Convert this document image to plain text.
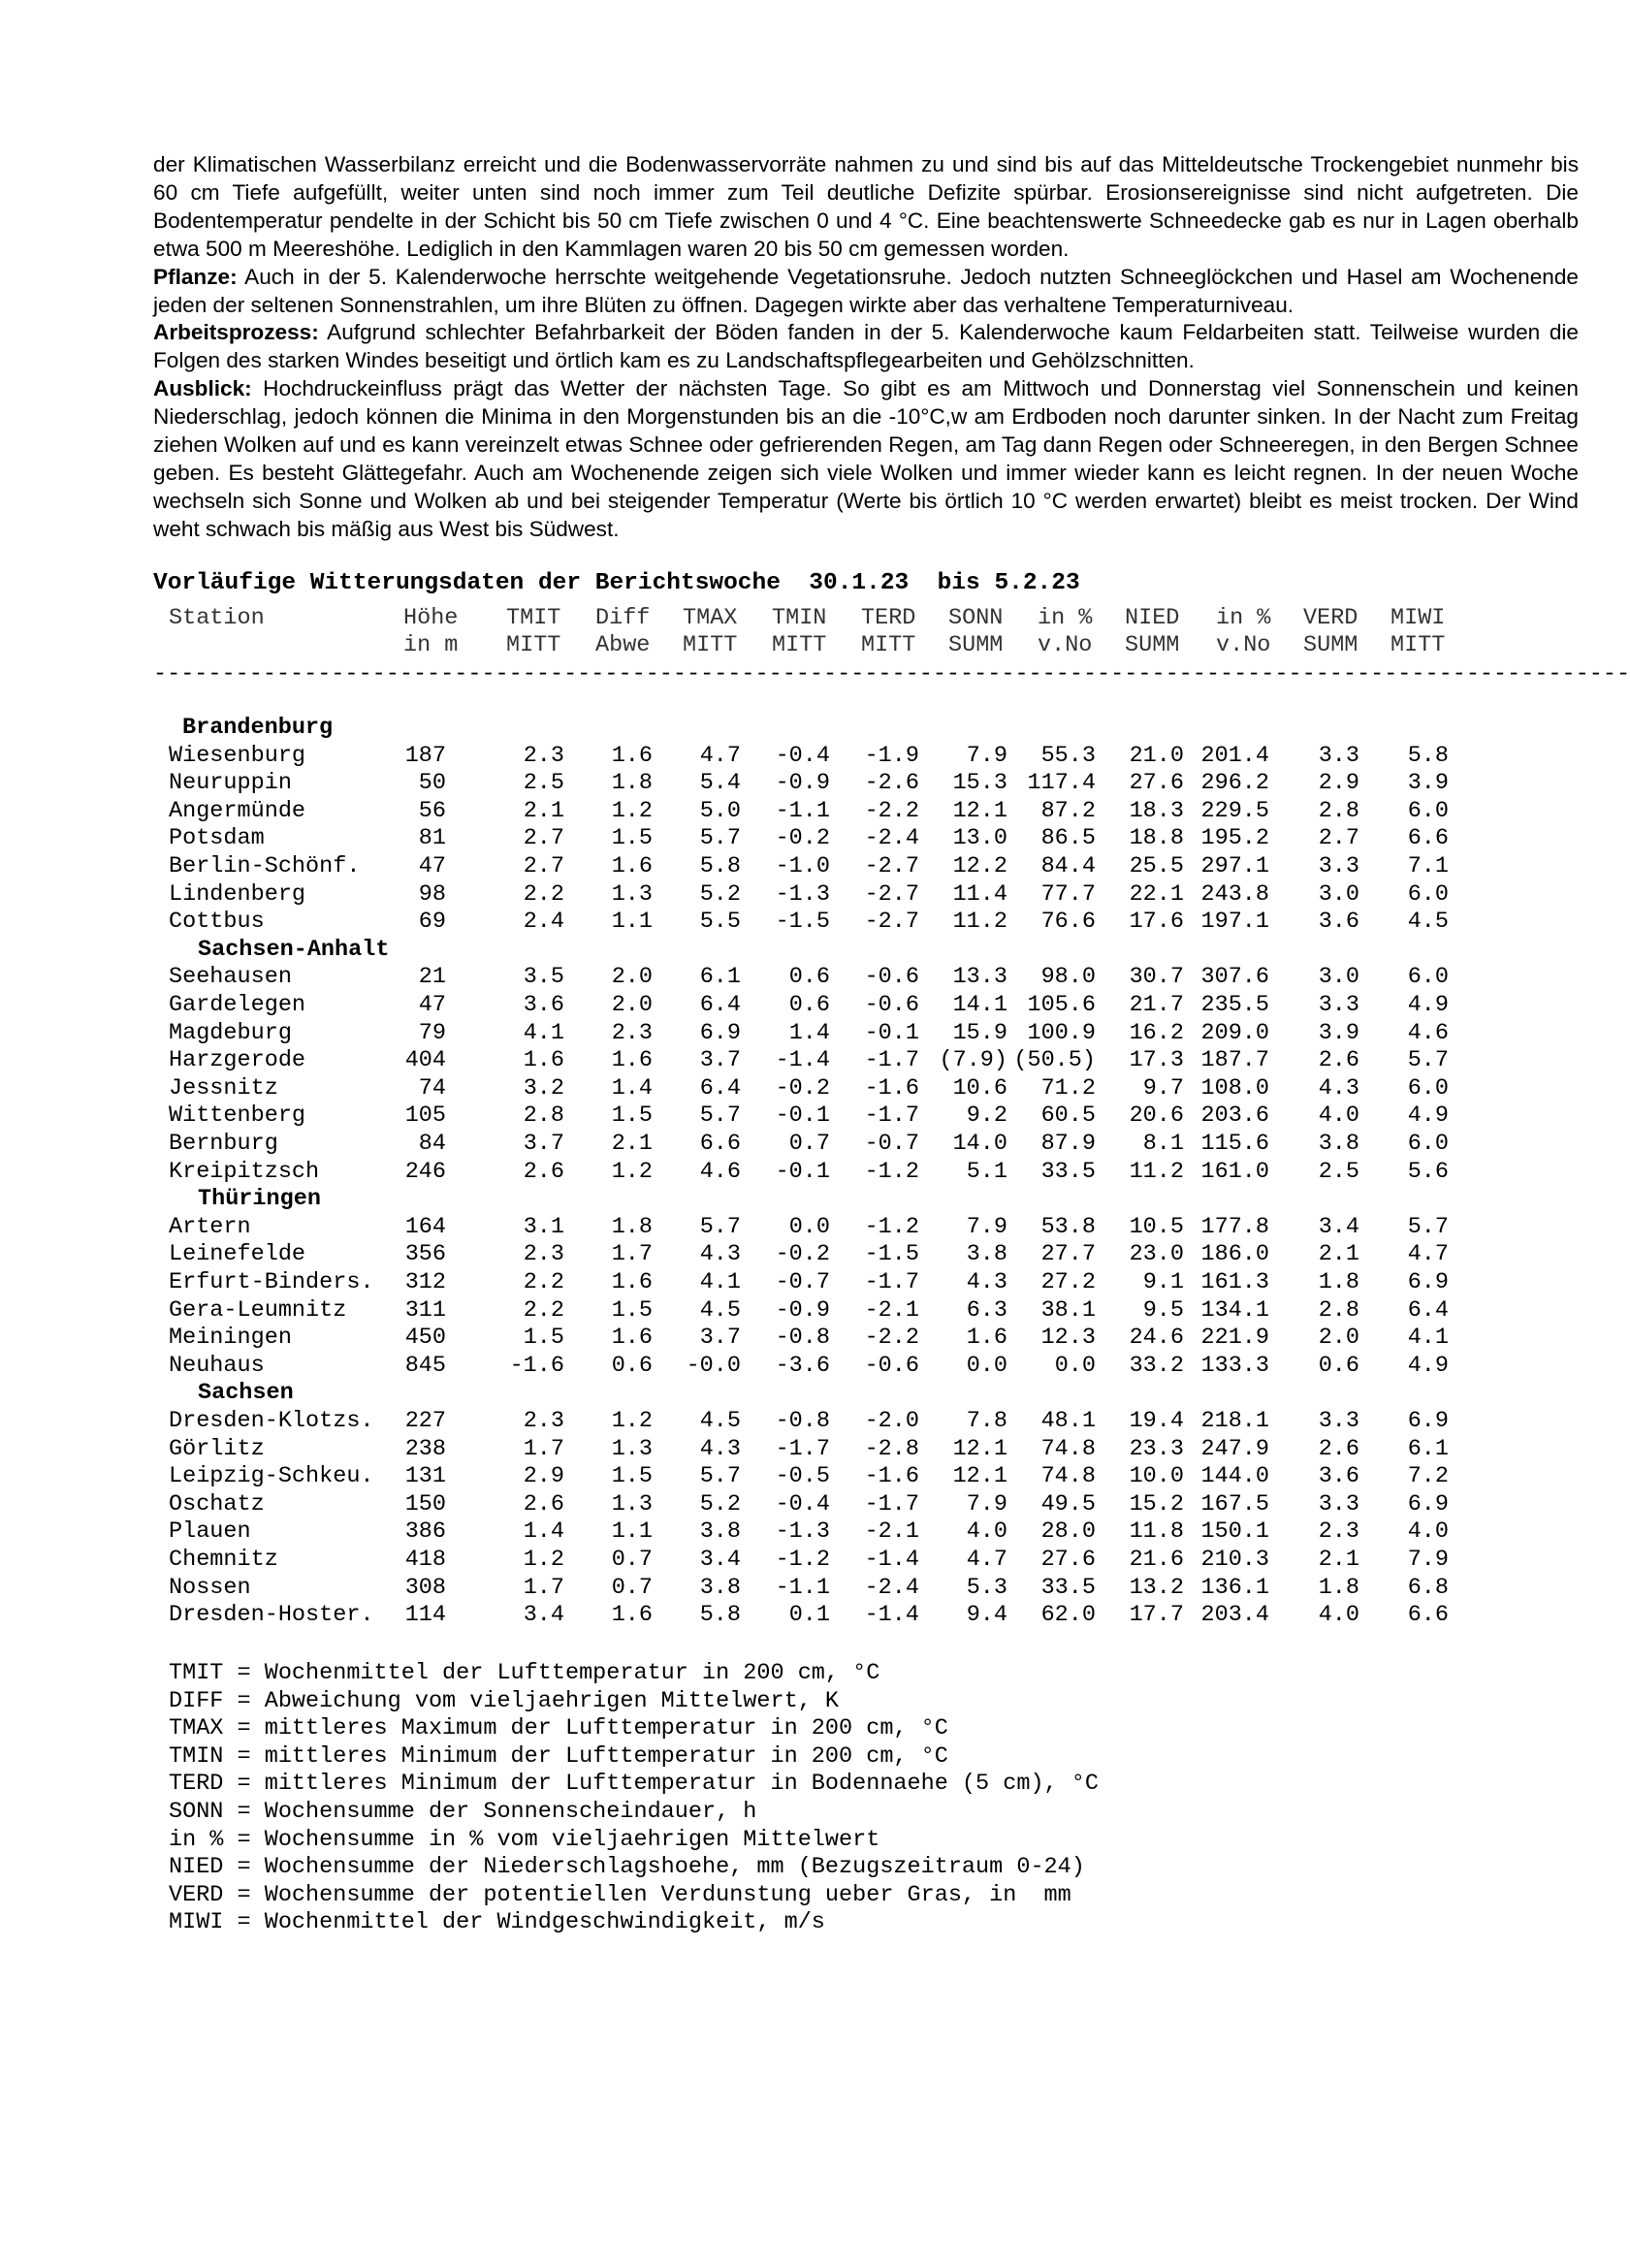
der Klimatischen Wasserbilanz erreicht und die Bodenwasservorräte nahmen zu und sind bis auf das Mitteldeutsche Trockengebiet nunmehr bis 60 cm Tiefe aufgefüllt, weiter unten sind noch immer zum Teil deutliche Defizite spürbar. Erosionsereignisse sind nicht aufgetreten. Die Bodentemperatur pendelte in der Schicht bis 50 cm Tiefe zwischen 0 und 4 °C. Eine beachtenswerte Schneedecke gab es nur in Lagen oberhalb etwa 500 m Meereshöhe. Lediglich in den Kammlagen waren 20 bis 50 cm gemessen worden.

Pflanze: Auch in der 5. Kalenderwoche herrschte weitgehende Vegetationsruhe. Jedoch nutzten Schneeglöckchen und Hasel am Wochenende jeden der seltenen Sonnenstrahlen, um ihre Blüten zu öffnen. Dagegen wirkte aber das verhaltene Temperaturniveau.

Arbeitsprozess: Aufgrund schlechter Befahrbarkeit der Böden fanden in der 5. Kalenderwoche kaum Feldarbeiten statt. Teilweise wurden die Folgen des starken Windes beseitigt und örtlich kam es zu Landschaftspflegearbeiten und Gehölzschnitten.

Ausblick: Hochdruckeinfluss prägt das Wetter der nächsten Tage. So gibt es am Mittwoch und Donnerstag viel Sonnenschein und keinen Niederschlag, jedoch können die Minima in den Morgenstunden bis an die -10°C,w am Erdboden noch darunter sinken. In der Nacht zum Freitag ziehen Wolken auf und es kann vereinzelt etwas Schnee oder gefrierenden Regen, am Tag dann Regen oder Schneeregen, in den Bergen Schnee geben. Es besteht Glättegefahr. Auch am Wochenende zeigen sich viele Wolken und immer wieder kann es leicht regnen. In der neuen Woche wechseln sich Sonne und Wolken ab und bei steigender Temperatur (Werte bis örtlich 10 °C werden erwartet) bleibt es meist trocken. Der Wind weht schwach bis mäßig aus West bis Südwest.

Vorläufige Witterungsdaten der Berichtswoche  30.1.23  bis 5.2.23
Station	Höhe TMIT Diff TMAX TMIN TERD SONN in % NIED in % VERD MIWI
in m MITT Abwe MITT MITT MITT SUMM v.No SUMM v.No SUMM MITT
Brandenburg
Wiesenburg	187	2.3 1.6 4.7 -0.4 -1.9 7.9 55.3 21.0 201.4 3.3 5.8
Neuruppin	50	2.5 1.8 5.4 -0.9 -2.6 15.3 117.4 27.6 296.2 2.9 3.9
Angermünde	56	2.1 1.2 5.0 -1.1 -2.2 12.1 87.2 18.3 229.5 2.8 6.0
Potsdam	81	2.7 1.5 5.7 -0.2 -2.4 13.0 86.5 18.8 195.2 2.7 6.6
Berlin-Schönf.	47	2.7 1.6 5.8 -1.0 -2.7 12.2 84.4 25.5 297.1 3.3 7.1
Lindenberg	98	2.2 1.3 5.2 -1.3 -2.7 11.4 77.7 22.1 243.8 3.0 6.0
Cottbus	69	2.4 1.1 5.5 -1.5 -2.7 11.2 76.6 17.6 197.1 3.6 4.5
Sachsen-Anhalt
Seehausen	21	3.5 2.0 6.1 0.6 -0.6 13.3 98.0 30.7 307.6 3.0 6.0
Gardelegen	47	3.6 2.0 6.4 0.6 -0.6 14.1 105.6 21.7 235.5 3.3 4.9
Magdeburg	79	4.1 2.3 6.9 1.4 -0.1 15.9 100.9 16.2 209.0 3.9 4.6
Harzgerode	404	1.6 1.6 3.7 -1.4 -1.7 (7.9) (50.5) 17.3 187.7 2.6 5.7
Jessnitz	74	3.2 1.4 6.4 -0.2 -1.6 10.6 71.2 9.7 108.0 4.3 6.0
Wittenberg	105	2.8 1.5 5.7 -0.1 -1.7 9.2 60.5 20.6 203.6 4.0 4.9
Bernburg	84	3.7 2.1 6.6 0.7 -0.7 14.0 87.9 8.1 115.6 3.8 6.0
Kreipitzsch	246	2.6 1.2 4.6 -0.1 -1.2 5.1 33.5 11.2 161.0 2.5 5.6
Thüringen
Artern	164	3.1 1.8 5.7 0.0 -1.2 7.9 53.8 10.5 177.8 3.4 5.7
Leinefelde	356	2.3 1.7 4.3 -0.2 -1.5 3.8 27.7 23.0 186.0 2.1 4.7
Erfurt-Binders. 312	2.2 1.6 4.1 -0.7 -1.7 4.3 27.2 9.1 161.3 1.8 6.9
Gera-Leumnitz	311	2.2 1.5 4.5 -0.9 -2.1 6.3 38.1 9.5 134.1 2.8 6.4
Meiningen	450	1.5 1.6 3.7 -0.8 -2.2 1.6 12.3 24.6 221.9 2.0 4.1
Neuhaus	845	-1.6 0.6 -0.0 -3.6 -0.6 0.0 0.0 33.2 133.3 0.6 4.9
Sachsen
Dresden-Klotzs. 227	2.3 1.2 4.5 -0.8 -2.0 7.8 48.1 19.4 218.1 3.3 6.9
Görlitz	238	1.7 1.3 4.3 -1.7 -2.8 12.1 74.8 23.3 247.9 2.6 6.1
Leipzig-Schkeu. 131	2.9 1.5 5.7 -0.5 -1.6 12.1 74.8 10.0 144.0 3.6 7.2
Oschatz	150	2.6 1.3 5.2 -0.4 -1.7 7.9 49.5 15.2 167.5 3.3 6.9
Plauen	386	1.4 1.1 3.8 -1.3 -2.1 4.0 28.0 11.8 150.1 2.3 4.0
Chemnitz	418	1.2 0.7 3.4 -1.2 -1.4 4.7 27.6 21.6 210.3 2.1 7.9
Nossen	308	1.7 0.7 3.8 -1.1 -2.4 5.3 33.5 13.2 136.1 1.8 6.8
Dresden-Hoster. 114	3.4 1.6 5.8 0.1 -1.4 9.4 62.0 17.7 203.4 4.0 6.6
------------------------------------------------------------------------------------------------------------
TMIT = Wochenmittel der Lufttemperatur in 200 cm, °C
DIFF = Abweichung vom vieljaehrigen Mittelwert, K
TMAX = mittleres Maximum der Lufttemperatur in 200 cm, °C
TMIN = mittleres Minimum der Lufttemperatur in 200 cm, °C
TERD = mittleres Minimum der Lufttemperatur in Bodennaehe (5 cm), °C
SONN = Wochensumme der Sonnenscheindauer, h
in % = Wochensumme in % vom vieljaehrigen Mittelwert
NIED = Wochensumme der Niederschlagshoehe, mm (Bezugszeitraum 0-24)
VERD = Wochensumme der potentiellen Verdunstung ueber Gras, in  mm
MIWI = Wochenmittel der Windgeschwindigkeit, m/s
